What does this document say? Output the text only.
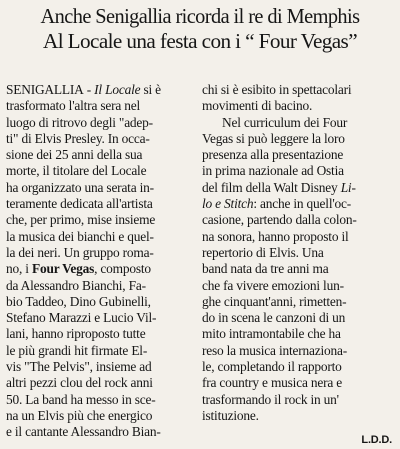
Anche Senigallia ricorda il re di Memphis
Al Locale una festa con i “ Four Vegas”
SENIGALLIA - Il Locale si è
trasformato l'altra sera nel
luogo di ritrovo degli "adep-
ti" di Elvis Presley. In occa-
sione dei 25 anni della sua
morte, il titolare del Locale
ha organizzato una serata in-
teramente dedicata all'artista
che, per primo, mise insieme
la musica dei bianchi e quel-
la dei neri. Un gruppo roma-
no, i Four Vegas, composto
da Alessandro Bianchi, Fa-
bio Taddeo, Dino Gubinelli,
Stefano Marazzi e Lucio Vil-
lani, hanno riproposto tutte
le più grandi hit firmate El-
vis "The Pelvis", insieme ad
altri pezzi clou del rock anni
50. La band ha messo in sce-
na un Elvis più che energico
e il cantante Alessandro Bian-
chi si è esibito in spettacolari
movimenti di bacino.
Nel curriculum dei Four
Vegas si può leggere la loro
presenza alla presentazione
in prima nazionale ad Ostia
del film della Walt Disney Li-
lo e Stitch: anche in quell'oc-
casione, partendo dalla colon-
na sonora, hanno proposto il
repertorio di Elvis. Una
band nata da tre anni ma
che fa vivere emozioni lun-
ghe cinquant'anni, rimetten-
do in scena le canzoni di un
mito intramontabile che ha
reso la musica internaziona-
le, completando il rapporto
fra country e musica nera e
trasformando il rock in un'
istituzione.
L.D.D.
